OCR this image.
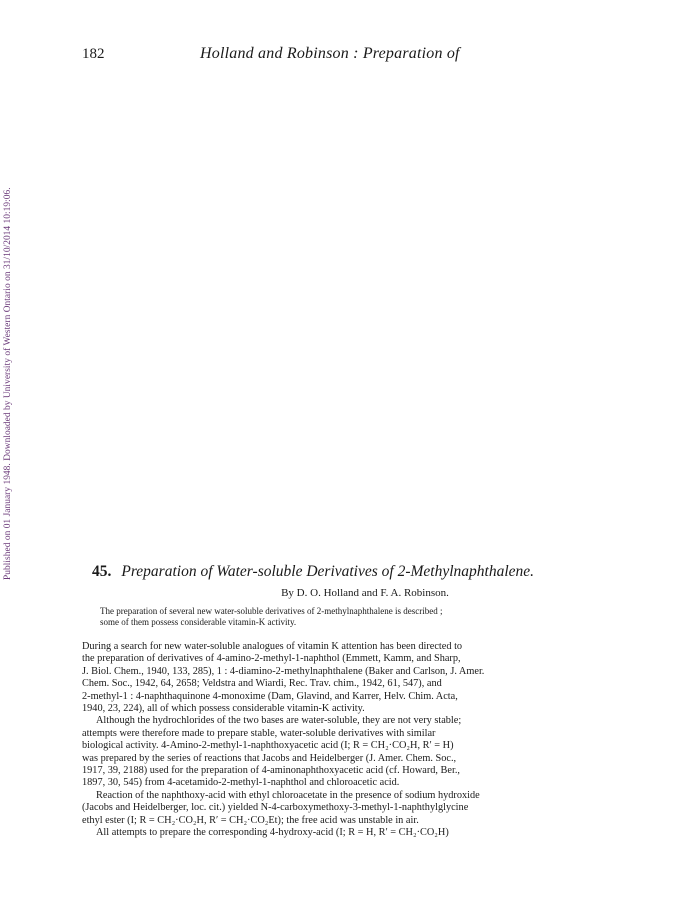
182	Holland and Robinson : Preparation of
Published on 01 January 1948. Downloaded by University of Western Ontario on 31/10/2014 10:19:06.	45. Preparation of Water-soluble Derivatives of 2-Methylnaphthalene.
By D. O. Holland and F. A. Robinson.
The preparation of several new water-soluble derivatives of 2-methylnaphthalene is described ;
some of them possess considerable vitamin-K activity.

During a search for new water-soluble analogues of vitamin K attention has been directed to
the preparation of derivatives of 4-amino-2-methyl-1-naphthol (Emmett, Kamm, and Sharp,
J. Biol. Chem., 1940, 133, 285), 1 : 4-diamino-2-methylnaphthalene (Baker and Carlson, J. Amer.
Chem. Soc., 1942, 64, 2658; Veldstra and Wiardi, Rec. Trav. chim., 1942, 61, 547), and
2-methyl-1 : 4-naphthaquinone 4-monoxime (Dam, Glavind, and Karrer, Helv. Chim. Acta,
1940, 23, 224), all of which possess considerable vitamin-K activity.

Although the hydrochlorides of the two bases are water-soluble, they are not very stable;
attempts were therefore made to prepare stable, water-soluble derivatives with similar
biological activity. 4-Amino-2-methyl-1-naphthoxyacetic acid (I; R = CH₂·CO₂H, R′ = H)
was prepared by the series of reactions that Jacobs and Heidelberger (J. Amer. Chem. Soc.,
1917, 39, 2188) used for the preparation of 4-aminonaphthoxyacetic acid (cf. Howard, Ber.,
1897, 30, 545) from 4-acetamido-2-methyl-1-naphthol and chloroacetic acid.

Reaction of the naphthoxy-acid with ethyl chloroacetate in the presence of sodium hydroxide
(Jacobs and Heidelberger, loc. cit.) yielded N-4-carboxymethoxy-3-methyl-1-naphthylglycine
ethyl ester (I; R = CH₂·CO₂H, R′ = CH₂·CO₂Et); the free acid was unstable in air.

All attempts to prepare the corresponding 4-hydroxy-acid (I; R = H, R′ = CH₂·CO₂H)
